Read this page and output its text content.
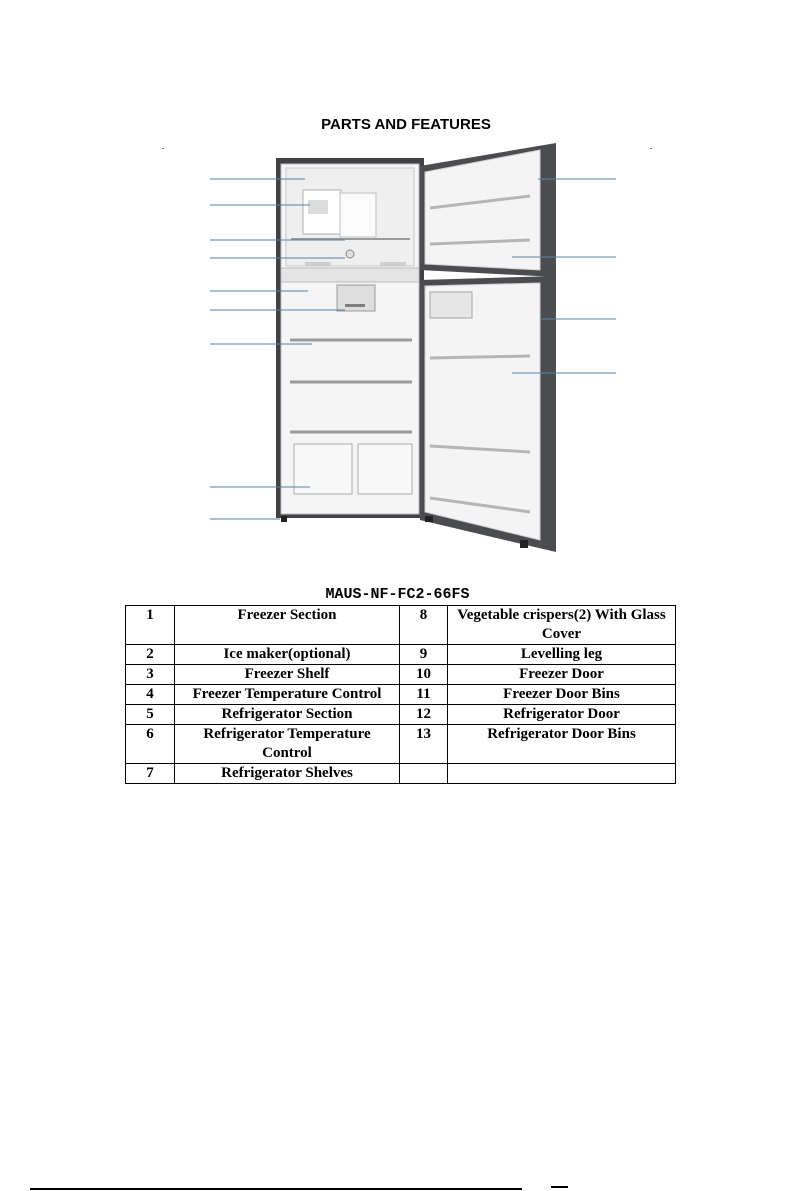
PARTS AND FEATURES
MAUS-NF-FC2-66FS
1	Freezer Section	8	Vegetable crispers(2) With Glass Cover
2	Ice maker(optional)	9	Levelling leg
3	Freezer Shelf	10	Freezer Door
4	Freezer Temperature Control	11	Freezer Door Bins
5	Refrigerator Section	12	Refrigerator Door
6	Refrigerator Temperature Control	13	Refrigerator Door Bins
7	Refrigerator Shelves		
